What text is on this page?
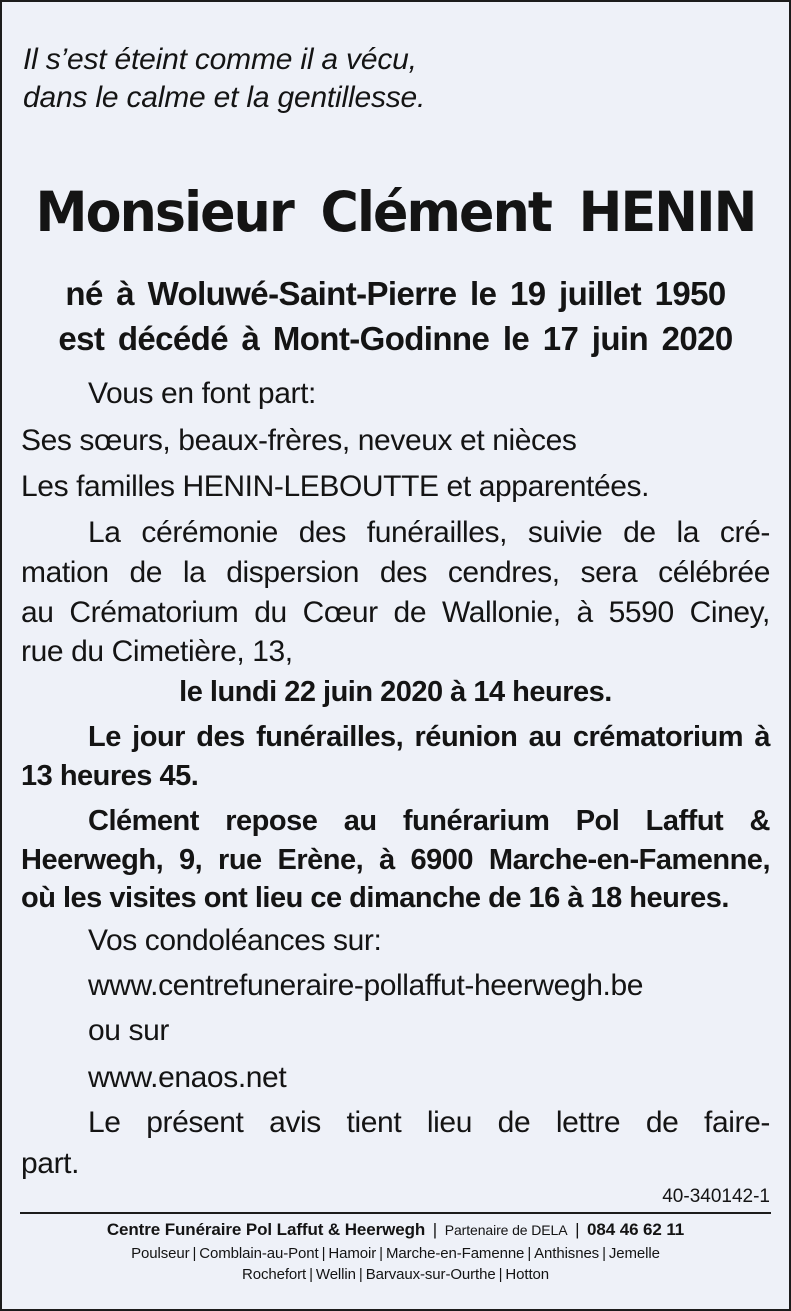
Il s’est éteint comme il a vécu,

dans le calme et la gentillesse.

Monsieur Clément HENIN

né à Woluwé-Saint-Pierre le 19 juillet 1950

est décédé à Mont-Godinne le 17 juin 2020

Vous en font part:

Ses sœurs, beaux-frères, neveux et nièces

Les familles HENIN-LEBOUTTE et apparentées.

La cérémonie des funérailles, suivie de la cré-

mation de la dispersion des cendres, sera célébrée

au Crématorium du Cœur de Wallonie, à 5590 Ciney,

rue du Cimetière, 13,

le lundi 22 juin 2020 à 14 heures.

Le jour des funérailles, réunion au crématorium à

13 heures 45.

Clément repose au funérarium Pol Laffut &

Heerwegh, 9, rue Erène, à 6900 Marche-en-Famenne,

où les visites ont lieu ce dimanche de 16 à 18 heures.

Vos condoléances sur:

www.centrefuneraire-pollaffut-heerwegh.be

ou sur

www.enaos.net

Le présent avis tient lieu de lettre de faire-

part.

40-340142-1

Centre Funéraire Pol Laffut & Heerwegh | Partenaire de DELA | 084 46 62 11

Poulseur | Comblain-au-Pont | Hamoir | Marche-en-Famenne | Anthisnes | Jemelle

Rochefort | Wellin | Barvaux-sur-Ourthe | Hotton
